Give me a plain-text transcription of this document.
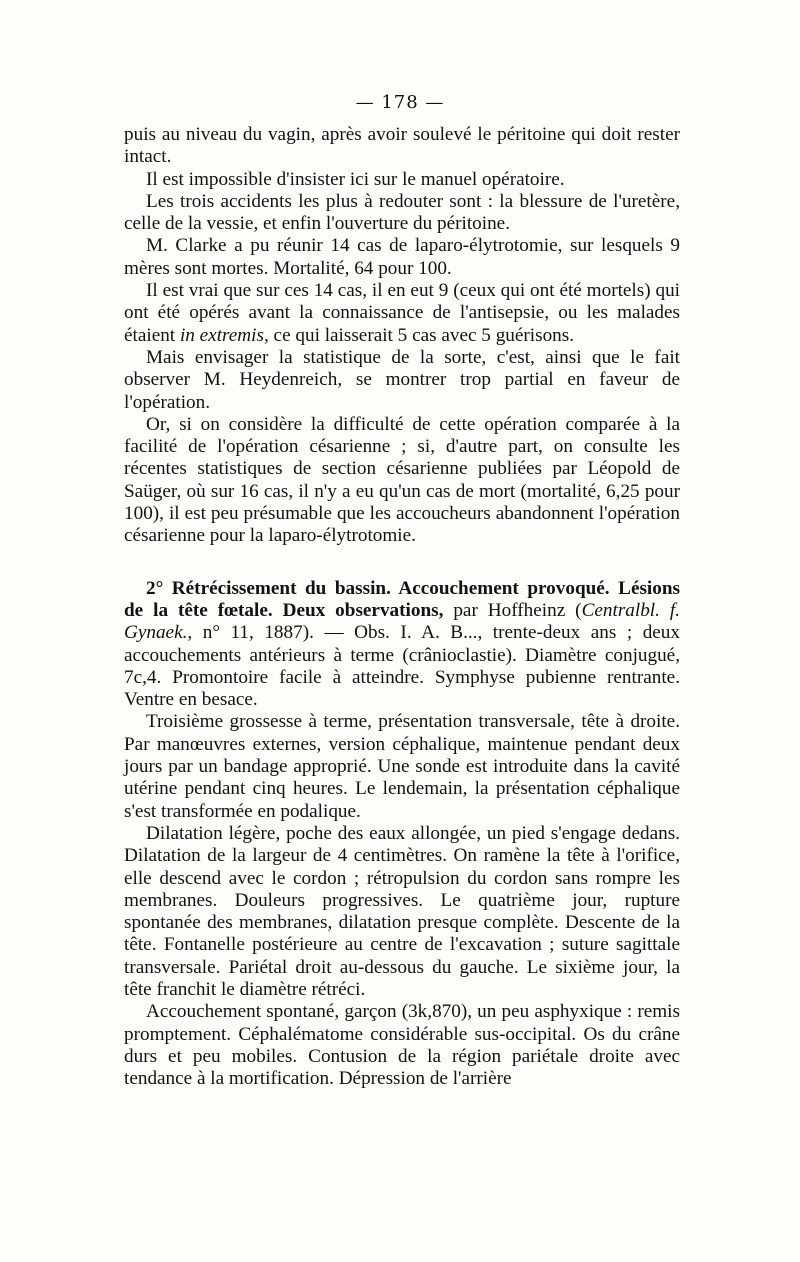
— 178 —

puis au niveau du vagin, après avoir soulevé le péritoine qui doit rester intact.

Il est impossible d'insister ici sur le manuel opératoire.

Les trois accidents les plus à redouter sont : la blessure de l'uretère, celle de la vessie, et enfin l'ouverture du péritoine.

M. Clarke a pu réunir 14 cas de laparo-élytrotomie, sur lesquels 9 mères sont mortes. Mortalité, 64 pour 100.

Il est vrai que sur ces 14 cas, il en eut 9 (ceux qui ont été mortels) qui ont été opérés avant la connaissance de l'antisepsie, ou les malades étaient in extremis, ce qui laisserait 5 cas avec 5 guérisons.

Mais envisager la statistique de la sorte, c'est, ainsi que le fait observer M. Heydenreich, se montrer trop partial en faveur de l'opération.

Or, si on considère la difficulté de cette opération comparée à la facilité de l'opération césarienne ; si, d'autre part, on consulte les récentes statistiques de section césarienne publiées par Léopold de Saüger, où sur 16 cas, il n'y a eu qu'un cas de mort (mortalité, 6,25 pour 100), il est peu présumable que les accoucheurs abandonnent l'opération césarienne pour la laparo-élytrotomie.

2° Rétrécissement du bassin. Accouchement provoqué. Lésions de la tête fœtale. Deux observations, par Hoffheinz (Centralbl. f. Gynaek., n° 11, 1887). — Obs. I. A. B..., trente-deux ans ; deux accouchements antérieurs à terme (crânioclastie). Diamètre conjugué, 7c,4. Promontoire facile à atteindre. Symphyse pubienne rentrante. Ventre en besace.

Troisième grossesse à terme, présentation transversale, tête à droite. Par manœuvres externes, version céphalique, maintenue pendant deux jours par un bandage approprié. Une sonde est introduite dans la cavité utérine pendant cinq heures. Le lendemain, la présentation céphalique s'est transformée en podalique.

Dilatation légère, poche des eaux allongée, un pied s'engage dedans. Dilatation de la largeur de 4 centimètres. On ramène la tête à l'orifice, elle descend avec le cordon ; rétropulsion du cordon sans rompre les membranes. Douleurs progressives. Le quatrième jour, rupture spontanée des membranes, dilatation presque complète. Descente de la tête. Fontanelle postérieure au centre de l'excavation ; suture sagittale transversale. Pariétal droit au-dessous du gauche. Le sixième jour, la tête franchit le diamètre rétréci.

Accouchement spontané, garçon (3k,870), un peu asphyxique : remis promptement. Céphalématome considérable sus-occipital. Os du crâne durs et peu mobiles. Contusion de la région pariétale droite avec tendance à la mortification. Dépression de l'arrière
